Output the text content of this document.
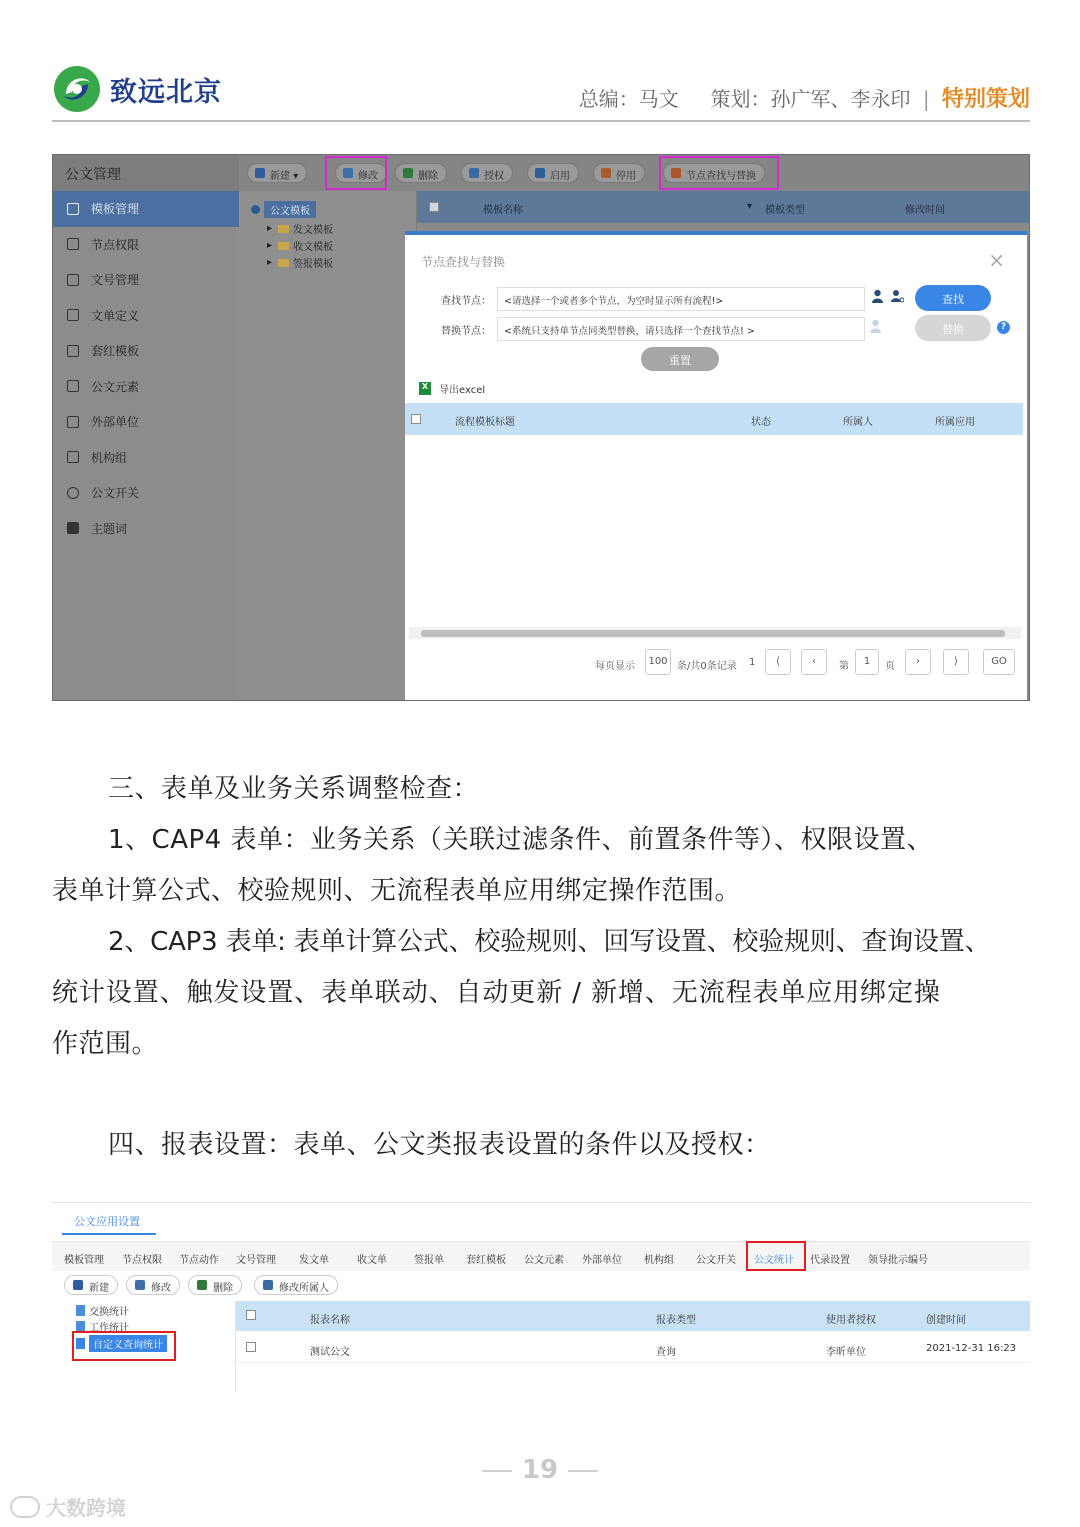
致远北京	总编：马文 策划：孙广军、李永印 | 特别策划
公文管理	新建 ▾	修改	删除	授权	启用	停用	节点查找与替换
模板管理
节点权限
文号管理
文单定义
套红模板
公文元素
外部单位
机构组
公文开关
主题词
公文模板
▸ 发文模板
▸ 收文模板
▸ 签报模板
模板名称	▾ 模板类型	修改时间
节点查找与替换	×
查找节点：	<请选择一个或者多个节点，为空时显示所有流程!>	查找
替换节点：	<系统只支持单节点同类型替换，请只选择一个查找节点! >	替换	?
重置
X 导出excel
流程模板标题	状态	所属人	所属应用
每页显示	100 条/共0条记录 1	⟨	‹	第	1	页	›	⟩	GO
三、表单及业务关系调整检查：
1、CAP4 表单：业务关系（关联过滤条件、前置条件等）、权限设置、
表单计算公式、校验规则、无流程表单应用绑定操作范围。
2、CAP3 表单: 表单计算公式、校验规则、回写设置、校验规则、查询设置、
统计设置、触发设置、表单联动、自动更新 / 新增、无流程表单应用绑定操
作范围。
四、报表设置：表单、公文类报表设置的条件以及授权：
公文应用设置
模板管理 节点权限 节点动作 文号管理 发文单	收文单	签报单 套红模板 公文元素 外部单位 机构组 公文开关 公文统计 代录设置 领导批示编号
新建	修改	删除	修改所属人
交换统计
工作统计
自定义查询统计
报表名称	报表类型	使用者授权	创建时间
测试公文	查询	李昕单位	2021-12-31 16:23
19
大数跨境
